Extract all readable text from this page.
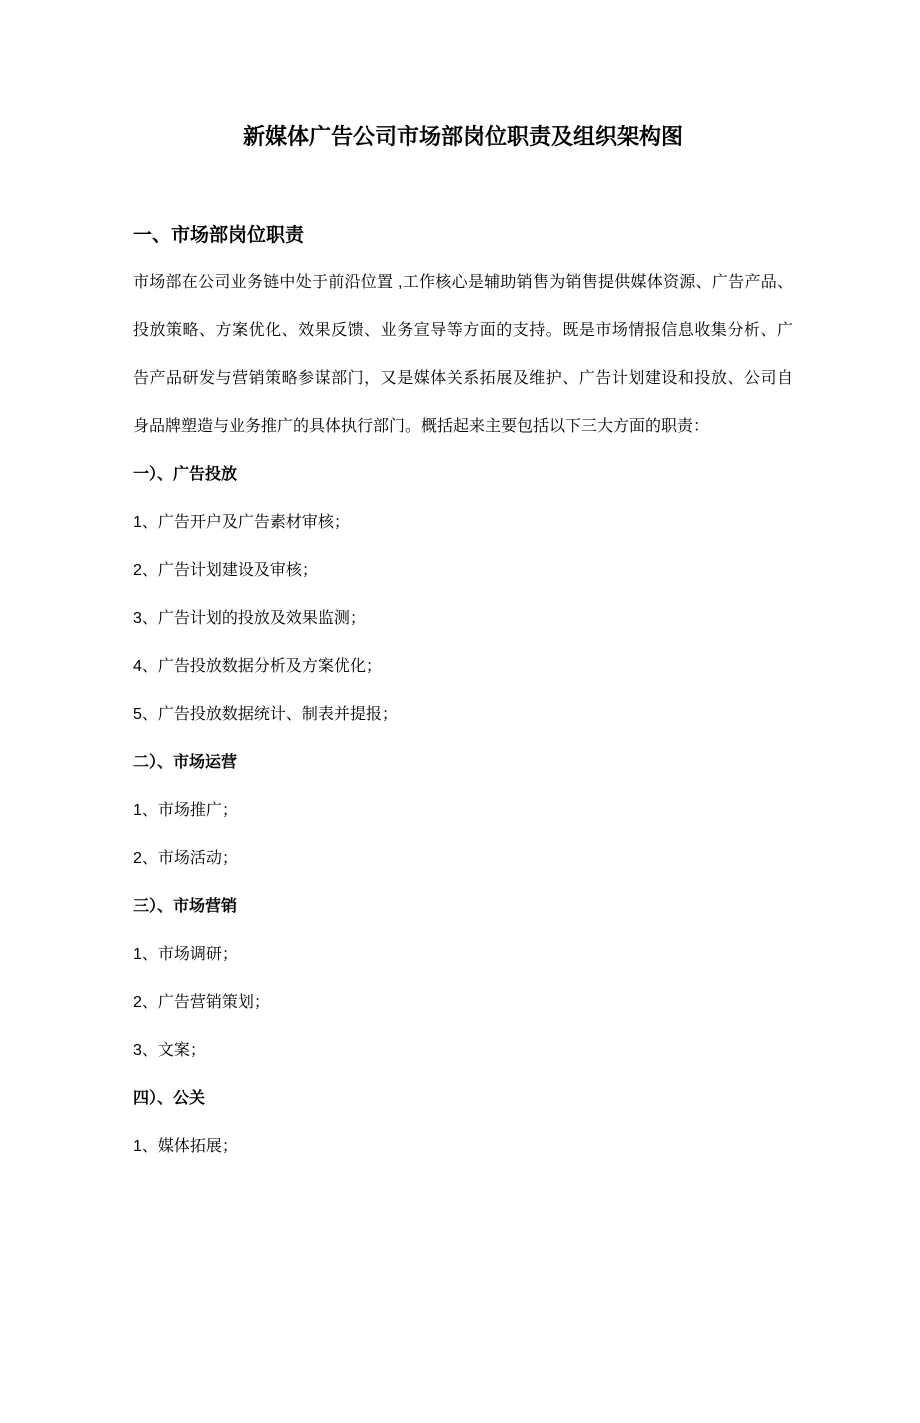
新媒体广告公司市场部岗位职责及组织架构图
一、市场部岗位职责
市场部在公司业务链中处于前沿位置 ,工作核心是辅助销售为销售提供媒体资源、广告产品、
投放策略、方案优化、效果反馈、业务宣导等方面的支持。既是市场情报信息收集分析、广
告产品研发与营销策略参谋部门，又是媒体关系拓展及维护、广告计划建设和投放、公司自
身品牌塑造与业务推广的具体执行部门。概括起来主要包括以下三大方面的职责：
一）、广告投放
1、广告开户及广告素材审核；
2、广告计划建设及审核；
3、广告计划的投放及效果监测；
4、广告投放数据分析及方案优化；
5、广告投放数据统计、制表并提报；
二）、市场运营
1、市场推广；
2、市场活动；
三）、市场营销
1、市场调研；
2、广告营销策划；
3、文案；
四）、公关
1、媒体拓展；
